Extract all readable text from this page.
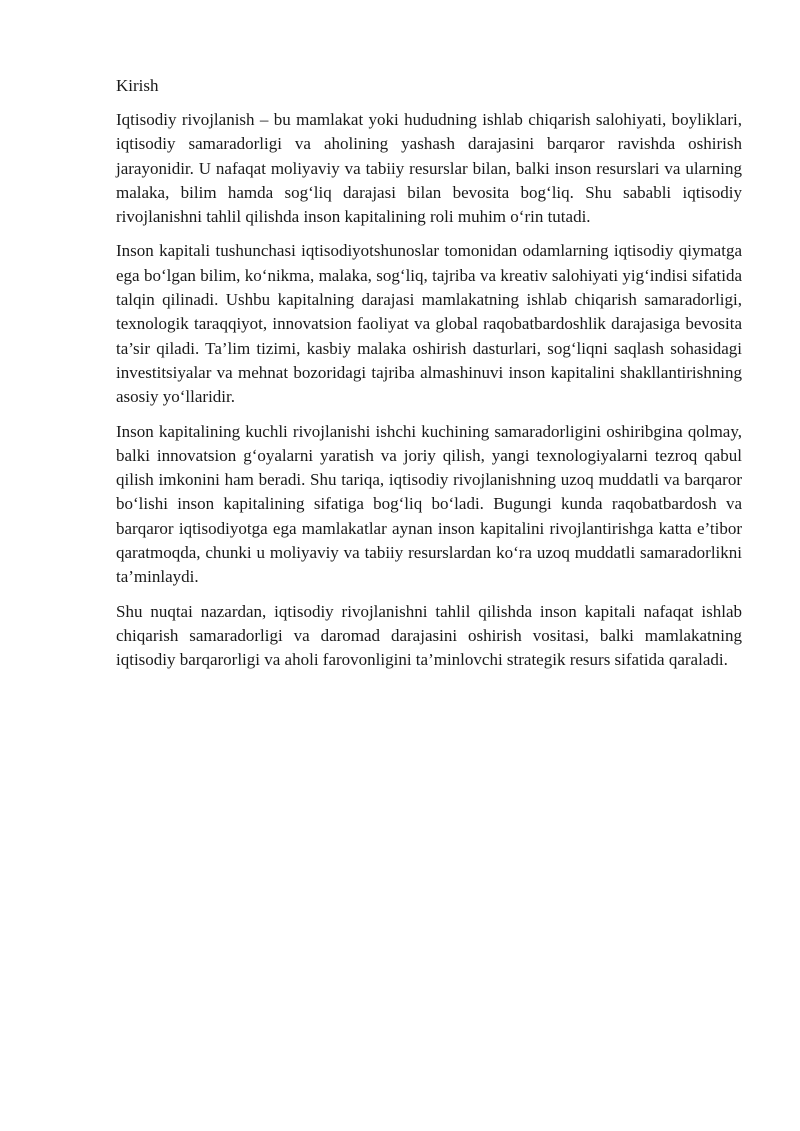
Kirish

Iqtisodiy rivojlanish – bu mamlakat yoki hududning ishlab chiqarish salohiyati, boyliklari, iqtisodiy samaradorligi va aholining yashash darajasini barqaror ravishda oshirish jarayonidir. U nafaqat moliyaviy va tabiiy resurslar bilan, balki inson resurslari va ularning malaka, bilim hamda sog‘liq darajasi bilan bevosita bog‘liq. Shu sababli iqtisodiy rivojlanishni tahlil qilishda inson kapitalining roli muhim o‘rin tutadi.

Inson kapitali tushunchasi iqtisodiyotshunoslar tomonidan odamlarning iqtisodiy qiymatga ega bo‘lgan bilim, ko‘nikma, malaka, sog‘liq, tajriba va kreativ salohiyati yig‘indisi sifatida talqin qilinadi. Ushbu kapitalning darajasi mamlakatning ishlab chiqarish samaradorligi, texnologik taraqqiyot, innovatsion faoliyat va global raqobatbardoshlik darajasiga bevosita ta’sir qiladi. Ta’lim tizimi, kasbiy malaka oshirish dasturlari, sog‘liqni saqlash sohasidagi investitsiyalar va mehnat bozoridagi tajriba almashinuvi inson kapitalini shakllantirishning asosiy yo‘llaridir.

Inson kapitalining kuchli rivojlanishi ishchi kuchining samaradorligini oshiribgina qolmay, balki innovatsion g‘oyalarni yaratish va joriy qilish, yangi texnologiyalarni tezroq qabul qilish imkonini ham beradi. Shu tariqa, iqtisodiy rivojlanishning uzoq muddatli va barqaror bo‘lishi inson kapitalining sifatiga bog‘liq bo‘ladi. Bugungi kunda raqobatbardosh va barqaror iqtisodiyotga ega mamlakatlar aynan inson kapitalini rivojlantirishga katta e’tibor qaratmoqda, chunki u moliyaviy va tabiiy resurslardan ko‘ra uzoq muddatli samaradorlikni ta’minlaydi.

Shu nuqtai nazardan, iqtisodiy rivojlanishni tahlil qilishda inson kapitali nafaqat ishlab chiqarish samaradorligi va daromad darajasini oshirish vositasi, balki mamlakatning iqtisodiy barqarorligi va aholi farovonligini ta’minlovchi strategik resurs sifatida qaraladi.
